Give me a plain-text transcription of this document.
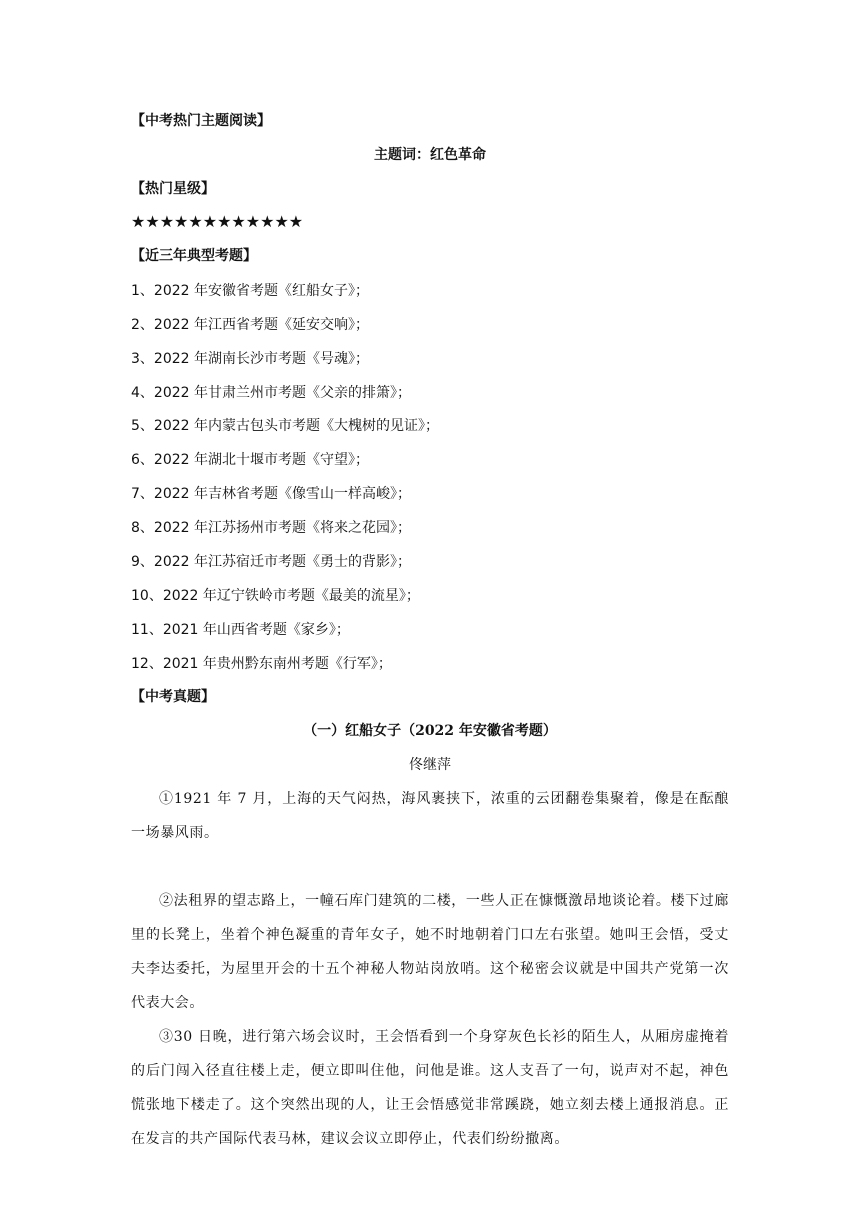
【中考热门主题阅读】
主题词：红色革命
【热门星级】
★★★★★★★★★★★★
【近三年典型考题】
1、2022 年安徽省考题《红船女子》；
2、2022 年江西省考题《延安交响》；
3、2022 年湖南长沙市考题《号魂》；
4、2022 年甘肃兰州市考题《父亲的排箫》；
5、2022 年内蒙古包头市考题《大槐树的见证》；
6、2022 年湖北十堰市考题《守望》；
7、2022 年吉林省考题《像雪山一样高峻》；
8、2022 年江苏扬州市考题《将来之花园》；
9、2022 年江苏宿迁市考题《勇士的背影》；
10、2022 年辽宁铁岭市考题《最美的流星》；
11、2021 年山西省考题《家乡》；
12、2021 年贵州黔东南州考题《行军》；
【中考真题】
（一）红船女子（2022 年安徽省考题）
佟继萍
①1921 年 7 月，上海的天气闷热，海风裹挟下，浓重的云团翻卷集聚着，像是在酝酿一场暴风雨。
②法租界的望志路上，一幢石库门建筑的二楼，一些人正在慷慨激昂地谈论着。楼下过廊里的长凳上，坐着个神色凝重的青年女子，她不时地朝着门口左右张望。她叫王会悟，受丈夫李达委托，为屋里开会的十五个神秘人物站岗放哨。这个秘密会议就是中国共产党第一次代表大会。
③30 日晚，进行第六场会议时，王会悟看到一个身穿灰色长衫的陌生人，从厢房虚掩着的后门闯入径直往楼上走，便立即叫住他，问他是谁。这人支吾了一句，说声对不起，神色慌张地下楼走了。这个突然出现的人，让王会悟感觉非常蹊跷，她立刻去楼上通报消息。正在发言的共产国际代表马林，建议会议立即停止，代表们纷纷撤离。
